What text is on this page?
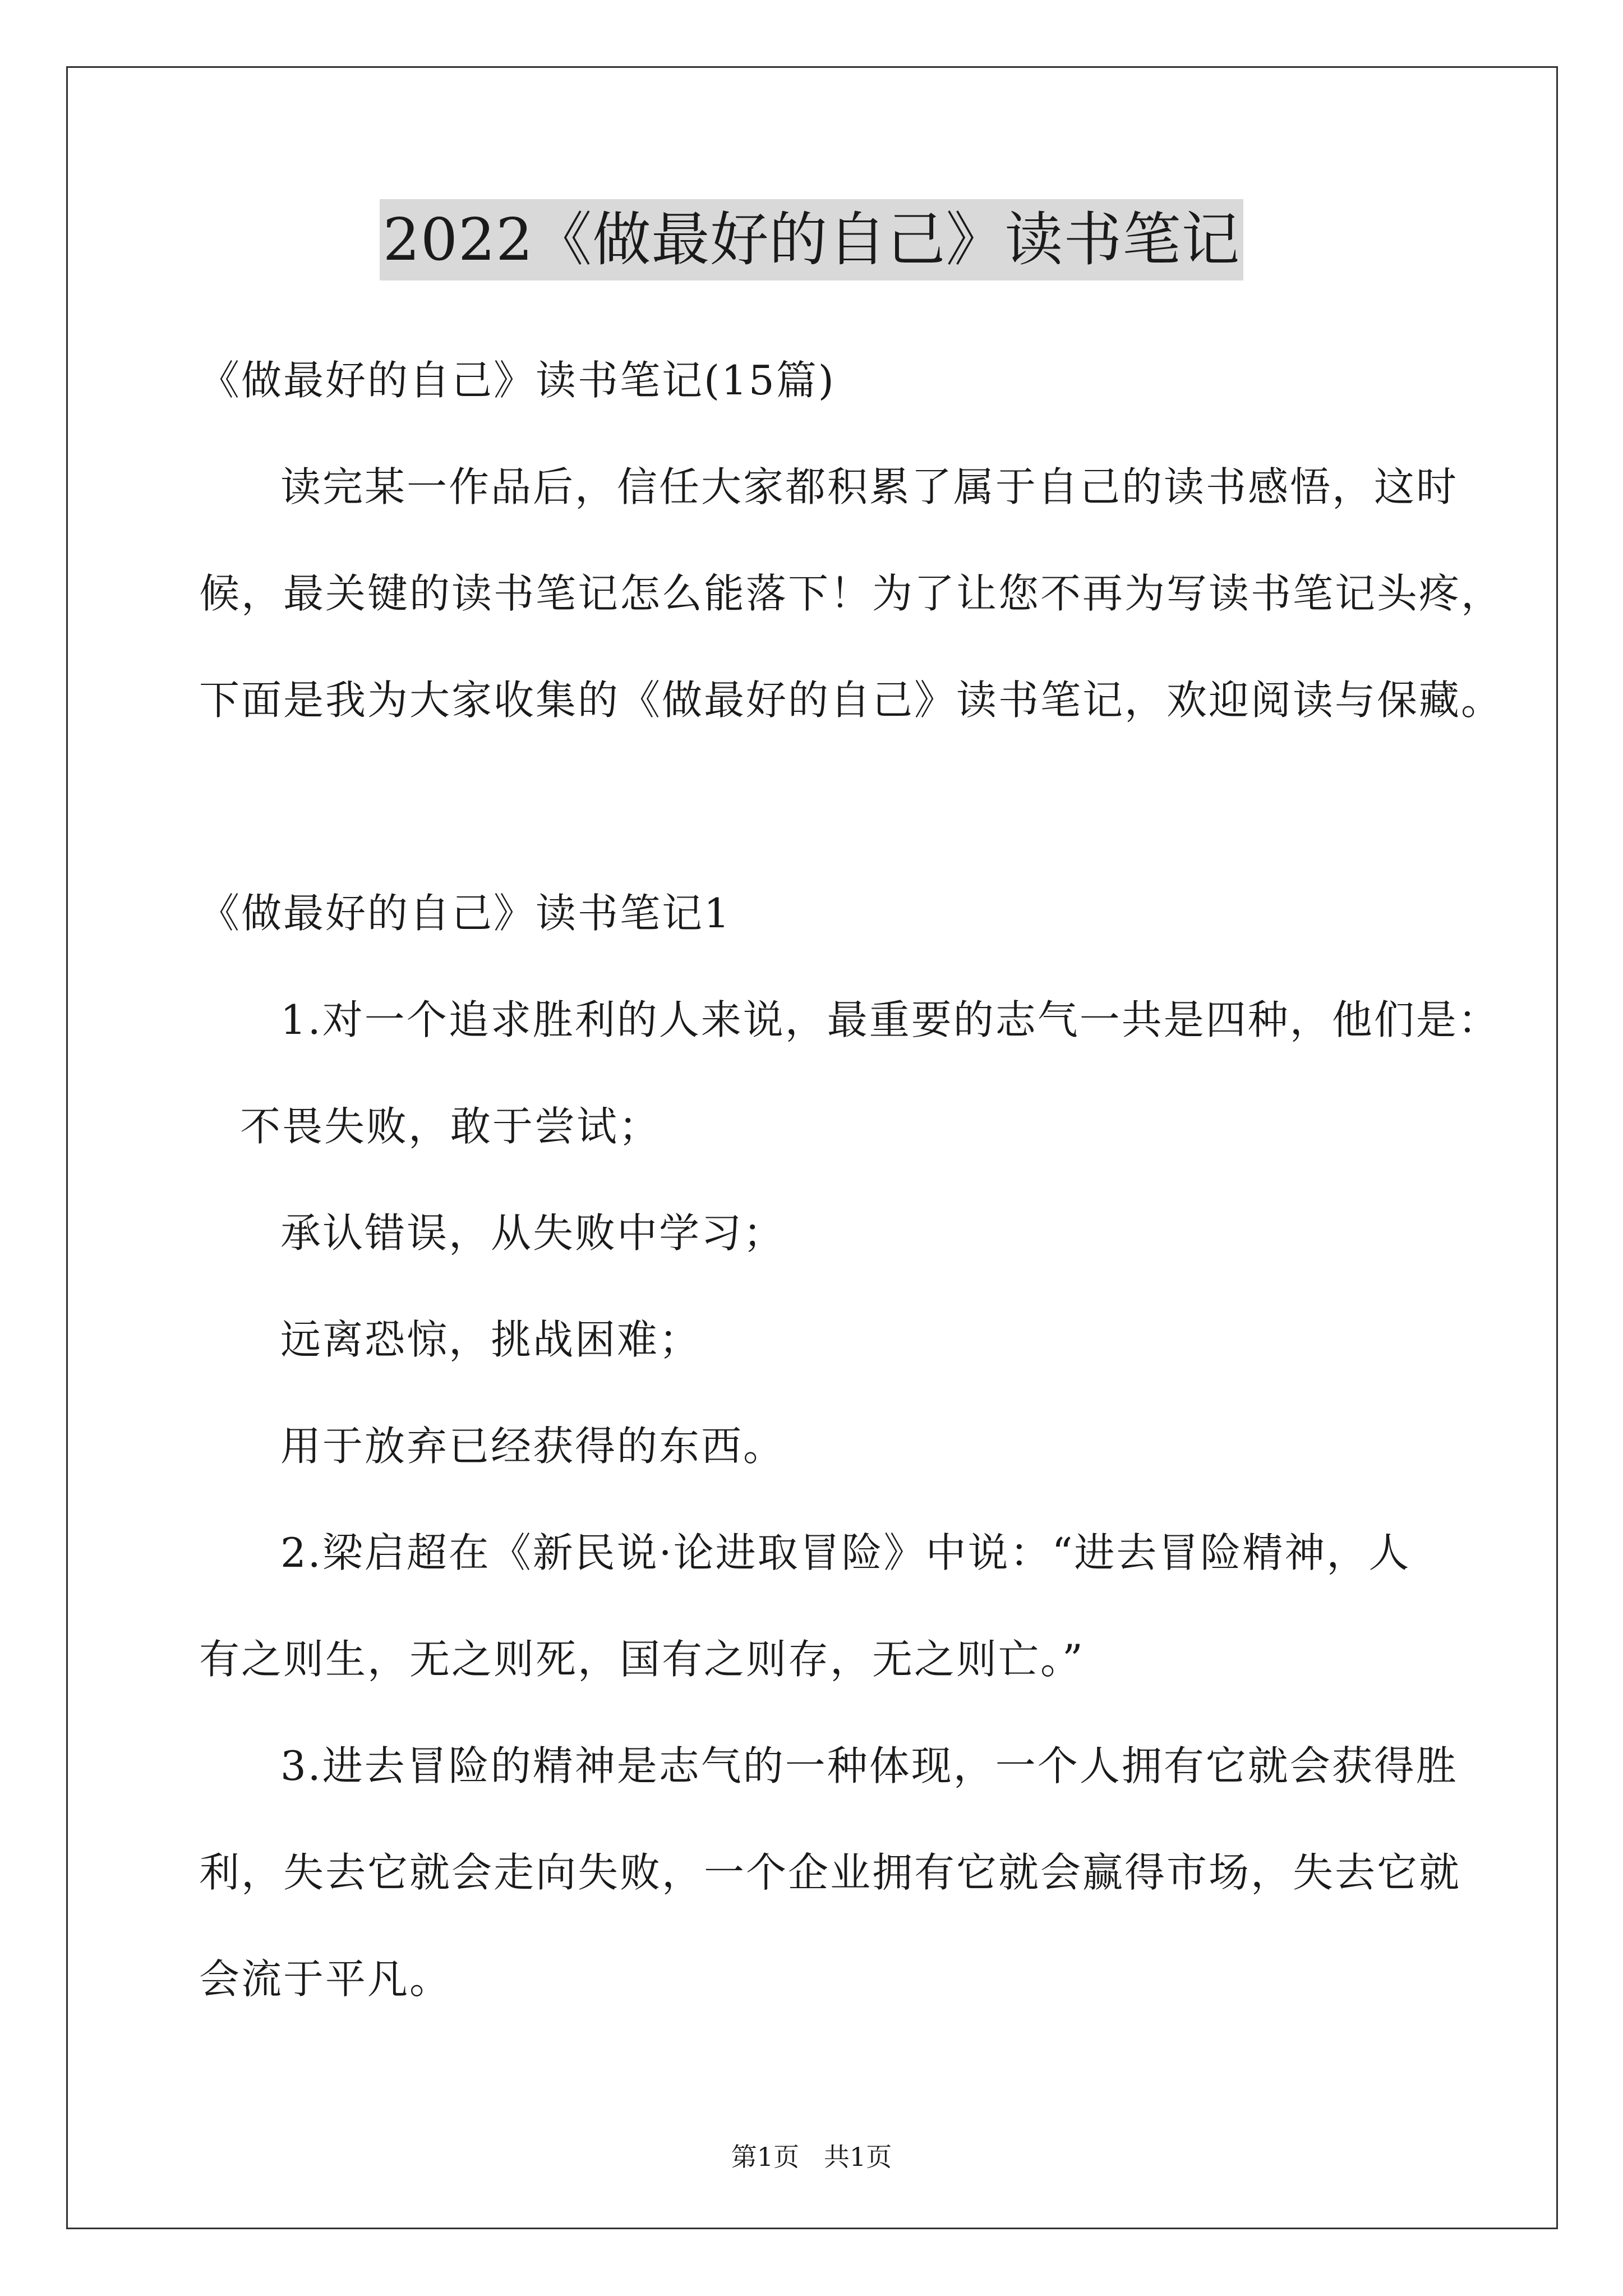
2022《做最好的自己》读书笔记
《做最好的自己》读书笔记(15篇)
读完某一作品后，信任大家都积累了属于自己的读书感悟，这时
候，最关键的读书笔记怎么能落下！为了让您不再为写读书笔记头疼，
下面是我为大家收集的《做最好的自己》读书笔记，欢迎阅读与保藏。
《做最好的自己》读书笔记1
1.对一个追求胜利的人来说，最重要的志气一共是四种，他们是：
不畏失败，敢于尝试；
承认错误，从失败中学习；
远离恐惊，挑战困难；
用于放弃已经获得的东西。
2.梁启超在《新民说·论进取冒险》中说：“进去冒险精神，人
有之则生，无之则死，国有之则存，无之则亡。”
3.进去冒险的精神是志气的一种体现，一个人拥有它就会获得胜
利，失去它就会走向失败，一个企业拥有它就会赢得市场，失去它就
会流于平凡。
第1页   共1页
